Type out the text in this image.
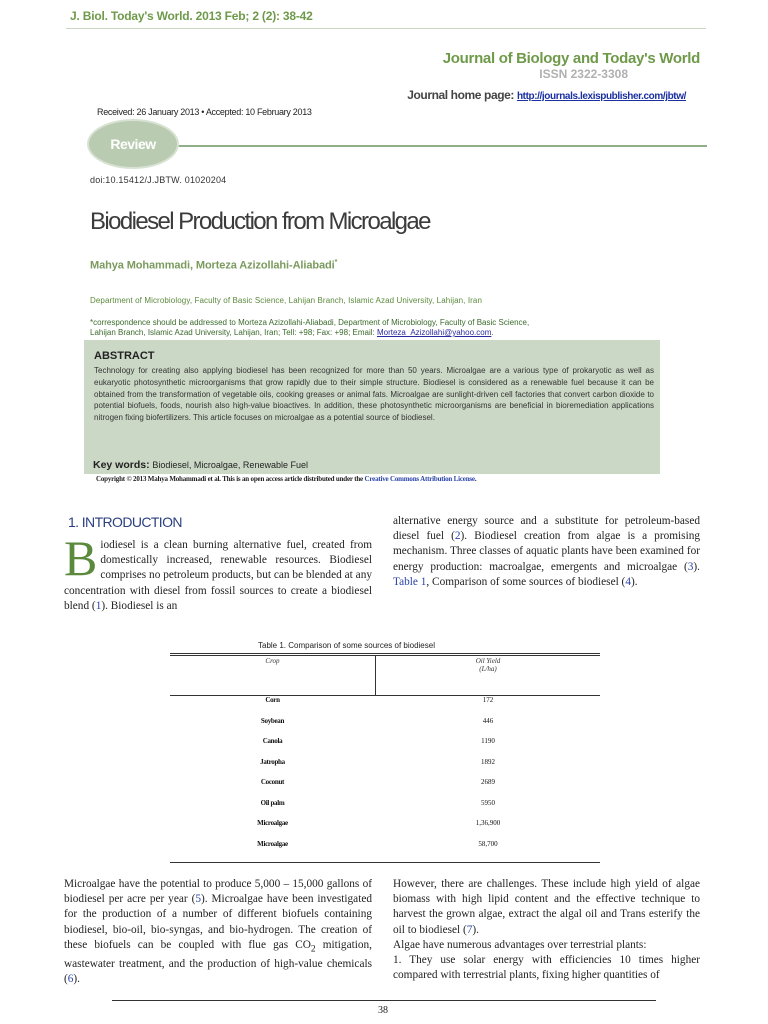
J. Biol. Today's World. 2013 Feb; 2 (2): 38-42
Journal of Biology and Today's World
ISSN 2322-3308
Journal home page: http://journals.lexispublisher.com/jbtw/
Received: 26 January 2013 • Accepted: 10 February 2013
Review
doi:10.15412/J.JBTW. 01020204
Biodiesel Production from Microalgae
Mahya Mohammadi, Morteza Azizollahi-Aliabadi*
Department of Microbiology, Faculty of Basic Science, Lahijan Branch, Islamic Azad University, Lahijan, Iran
*correspondence should be addressed to Morteza Azizollahi-Aliabadi, Department of Microbiology, Faculty of Basic Science,
Lahijan Branch, Islamic Azad University, Lahijan, Iran; Tell: +98; Fax: +98; Email: Morteza_Azizollahi@yahoo.com.
ABSTRACT
Technology for creating also applying biodiesel has been recognized for more than 50 years. Microalgae are a various type of prokaryotic as well as eukaryotic photosynthetic microorganisms that grow rapidly due to their simple structure. Biodiesel is considered as a renewable fuel because it can be obtained from the transformation of vegetable oils, cooking greases or animal fats. Microalgae are sunlight-driven cell factories that convert carbon dioxide to potential biofuels, foods, nourish also high-value bioactives. In addition, these photosynthetic microorganisms are beneficial in bioremediation applications nitrogen fixing biofertilizers. This article focuses on microalgae as a potential source of biodiesel.
Key words: Biodiesel, Microalgae, Renewable Fuel
Copyright © 2013 Mahya Mohammadi et al. This is an open access article distributed under the Creative Commons Attribution License.
1. INTRODUCTION
Biodiesel is a clean burning alternative fuel, created from domestically increased, renewable resources. Biodiesel comprises no petroleum products, but can be blended at any concentration with diesel from fossil sources to create a biodiesel blend (1). Biodiesel is an
alternative energy source and a substitute for petroleum-based diesel fuel (2). Biodiesel creation from algae is a promising mechanism. Three classes of aquatic plants have been examined for energy production: macroalgae, emergents and microalgae (3). Table 1, Comparison of some sources of biodiesel (4).
Table 1. Comparison of some sources of biodiesel
Crop	Oil Yield
(L/ha)
Corn	172
Soybean	446
Canola	1190
Jatropha	1892
Coconut	2689
Oil palm	5950
Microalgae	1,36,900
Microalgae	58,700
Microalgae have the potential to produce 5,000 – 15,000 gallons of biodiesel per acre per year (5). Microalgae have been investigated for the production of a number of different biofuels containing biodiesel, bio-oil, bio-syngas, and bio-hydrogen. The creation of these biofuels can be coupled with flue gas $CO_2$ mitigation, wastewater treatment, and the production of high-value chemicals (6).
However, there are challenges. These include high yield of algae biomass with high lipid content and the effective technique to harvest the grown algae, extract the algal oil and Trans esterify the oil to biodiesel (7).
Algae have numerous advantages over terrestrial plants:
1. They use solar energy with efficiencies 10 times higher compared with terrestrial plants, fixing higher quantities of
38
